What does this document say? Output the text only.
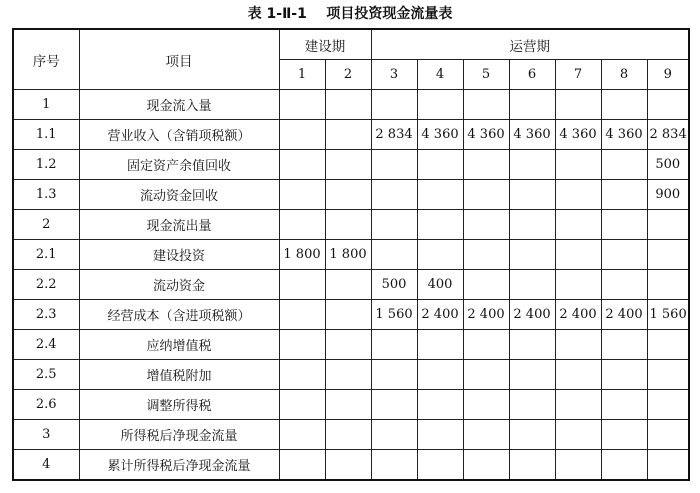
表 1-Ⅱ-1    项目投资现金流量表
序号	项目	建设期		运营期						
		1	2	3	4	5	6	7	8	9
1	现金流入量									
1.1	营业收入（含销项税额）			2 834	4 360	4 360	4 360	4 360	4 360	2 834
1.2	固定资产余值回收									500
1.3	流动资金回收									900
2	现金流出量									
2.1	建设投资	1 800	1 800							
2.2	流动资金			500	400					
2.3	经营成本（含进项税额）			1 560	2 400	2 400	2 400	2 400	2 400	1 560
2.4	应纳增值税									
2.5	增值税附加									
2.6	调整所得税									
3	所得税后净现金流量									
4	累计所得税后净现金流量									
